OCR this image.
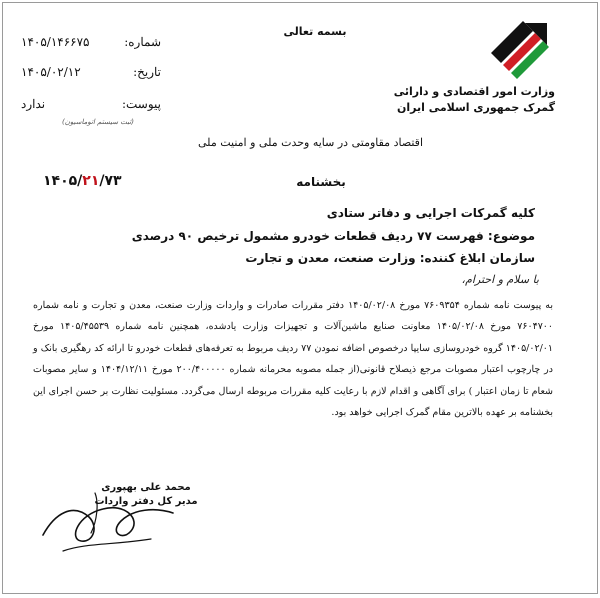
وزارت امور اقتصادی و دارائی
گمرک جمهوری اسلامی ایران
بسمه تعالی
شماره:
۱۴۰۵/۱۴۶۶۷۵
تاریخ:
۱۴۰۵/۰۲/۱۲
پیوست:
ندارد
(ثبت سیستم اتوماسیون)
اقتصاد مقاومتی در سایه وحدت ملی و امنیت ملی
بخشنامه
۱۴۰۵/۲۱/۷۳
کلیه گمرکات اجرایی و دفاتر ستادی
موضوع: فهرست ۷۷ ردیف قطعات خودرو مشمول ترخیص ۹۰ درصدی
سازمان ابلاغ کننده: وزارت صنعت، معدن و تجارت
با سلام و احترام،
به پیوست نامه شماره ۷۶۰۹۳۵۴ مورخ ۱۴۰۵/۰۲/۰۸ دفتر مقررات صادرات و واردات وزارت صنعت، معدن و تجارت و نامه شماره ۷۶۰۴۷۰۰ مورخ ۱۴۰۵/۰۲/۰۸ معاونت صنایع ماشین‌آلات و تجهیزات وزارت یادشده، همچنین نامه شماره ۱۴۰۵/۴۵۵۳۹ مورخ ۱۴۰۵/۰۲/۰۱ گروه خودروسازی سایپا درخصوص اضافه نمودن ۷۷ ردیف مربوط به تعرفه‌های قطعات خودرو تا ارائه کد رهگیری بانک و در چارچوب اعتبار مصوبات مرجع ذیصلاح قانونی(از جمله مصوبه محرمانه شماره ۲۰۰/۴۰۰۰۰۰ مورخ ۱۴۰۴/۱۲/۱۱ و سایر مصوبات شعام تا زمان اعتبار ) برای آگاهی و اقدام لازم با رعایت کلیه مقررات مربوطه ارسال می‌گردد. مسئولیت نظارت بر حسن اجرای این بخشنامه بر عهده بالاترین مقام گمرک اجرایی خواهد بود.
محمد علی بهپوری
مدیر کل دفتر واردات
